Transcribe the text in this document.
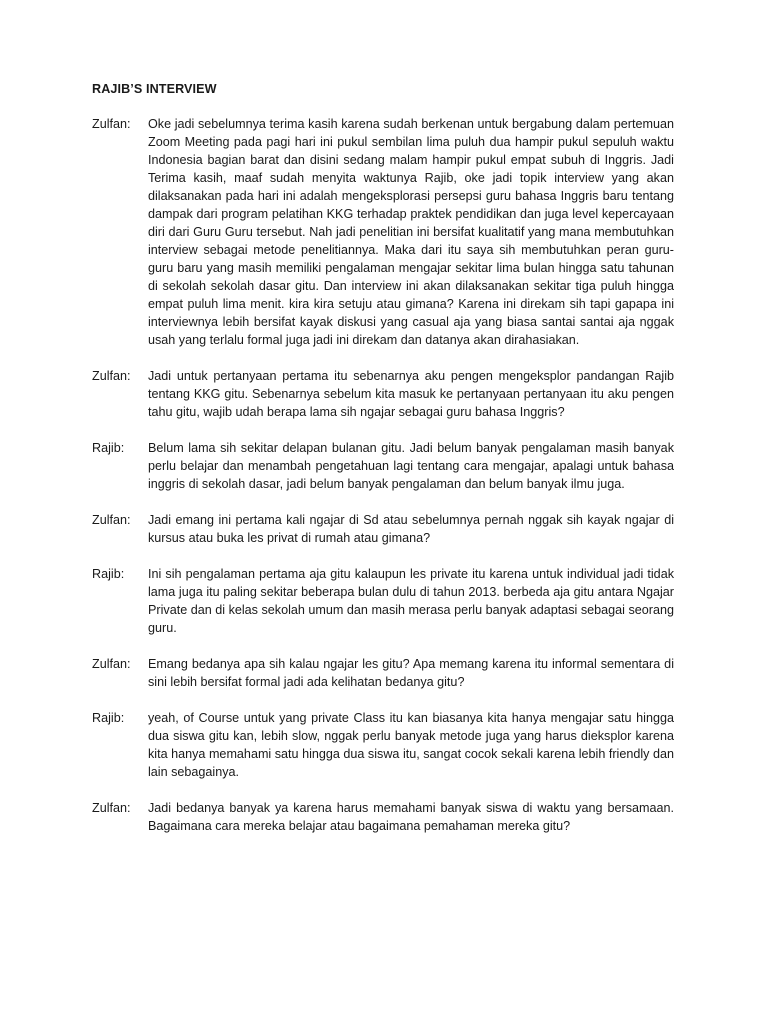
RAJIB’S INTERVIEW
Zulfan:	Oke jadi sebelumnya terima kasih karena sudah berkenan untuk bergabung dalam pertemuan Zoom Meeting pada pagi hari ini pukul sembilan lima puluh dua hampir pukul sepuluh waktu Indonesia bagian barat dan disini sedang malam hampir pukul empat subuh di Inggris. Jadi Terima kasih, maaf sudah menyita waktunya Rajib, oke jadi topik interview yang akan dilaksanakan pada hari ini adalah mengeksplorasi persepsi guru bahasa Inggris baru tentang dampak dari program pelatihan KKG terhadap praktek pendidikan dan juga level kepercayaan diri dari Guru Guru tersebut. Nah jadi penelitian ini bersifat kualitatif yang mana membutuhkan interview sebagai metode penelitiannya. Maka dari itu saya sih membutuhkan peran guru-guru baru yang masih memiliki pengalaman mengajar sekitar lima bulan hingga satu tahunan di sekolah sekolah dasar gitu. Dan interview ini akan dilaksanakan sekitar tiga puluh hingga empat puluh lima menit. kira kira setuju atau gimana? Karena ini direkam sih tapi gapapa ini interviewnya lebih bersifat kayak diskusi yang casual aja yang biasa santai santai aja nggak usah yang terlalu formal juga jadi ini direkam dan datanya akan dirahasiakan.

Zulfan:	Jadi untuk pertanyaan pertama itu sebenarnya aku pengen mengeksplor pandangan Rajib tentang KKG gitu. Sebenarnya sebelum kita masuk ke pertanyaan pertanyaan itu aku pengen tahu gitu, wajib udah berapa lama sih ngajar sebagai guru bahasa Inggris?

Rajib:	Belum lama sih sekitar delapan bulanan gitu. Jadi belum banyak pengalaman masih banyak perlu belajar dan menambah pengetahuan lagi tentang cara mengajar, apalagi untuk bahasa inggris di sekolah dasar, jadi belum banyak pengalaman dan belum banyak ilmu juga.

Zulfan:	Jadi emang ini pertama kali ngajar di Sd atau sebelumnya pernah nggak sih kayak ngajar di kursus atau buka les privat di rumah atau gimana?

Rajib:	Ini sih pengalaman pertama aja gitu kalaupun les private itu karena untuk individual jadi tidak lama juga itu paling sekitar beberapa bulan dulu di tahun 2013. berbeda aja gitu antara Ngajar Private dan di kelas sekolah umum dan masih merasa perlu banyak adaptasi sebagai seorang guru.

Zulfan:	Emang bedanya apa sih kalau ngajar les gitu? Apa memang karena itu informal sementara di sini lebih bersifat formal jadi ada kelihatan bedanya gitu?

Rajib:	yeah, of Course untuk yang private Class itu kan biasanya kita hanya mengajar satu hingga dua siswa gitu kan, lebih slow, nggak perlu banyak metode juga yang harus dieksplor karena kita hanya memahami satu hingga dua siswa itu, sangat cocok sekali karena lebih friendly dan lain sebagainya.

Zulfan:	Jadi bedanya banyak ya karena harus memahami banyak siswa di waktu yang bersamaan. Bagaimana cara mereka belajar atau bagaimana pemahaman mereka gitu?
